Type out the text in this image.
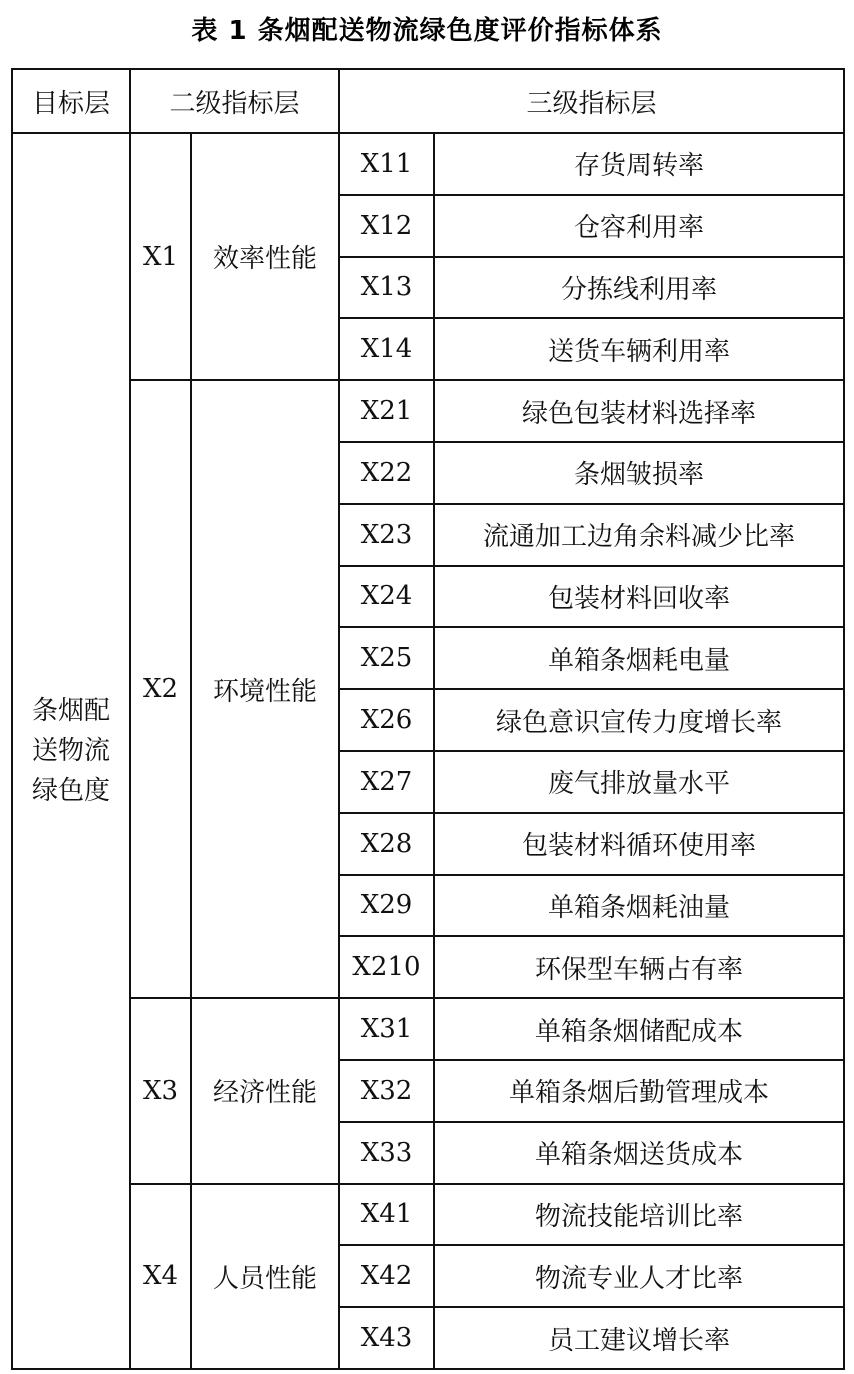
表 1 条烟配送物流绿色度评价指标体系
目标层	二级指标层		三级指标层	

条烟配
送物流
绿色度	X1	效率性能	X11	存货周转率
			X12	仓容利用率
			X13	分拣线利用率
			X14	送货车辆利用率
	X2	环境性能	X21	绿色包装材料选择率
			X22	条烟皱损率
			X23	流通加工边角余料减少比率
			X24	包装材料回收率
			X25	单箱条烟耗电量
			X26	绿色意识宣传力度增长率
			X27	废气排放量水平
			X28	包装材料循环使用率
			X29	单箱条烟耗油量
			X210	环保型车辆占有率
	X3	经济性能	X31	单箱条烟储配成本
			X32	单箱条烟后勤管理成本
			X33	单箱条烟送货成本
	X4	人员性能	X41	物流技能培训比率
			X42	物流专业人才比率
			X43	员工建议增长率
